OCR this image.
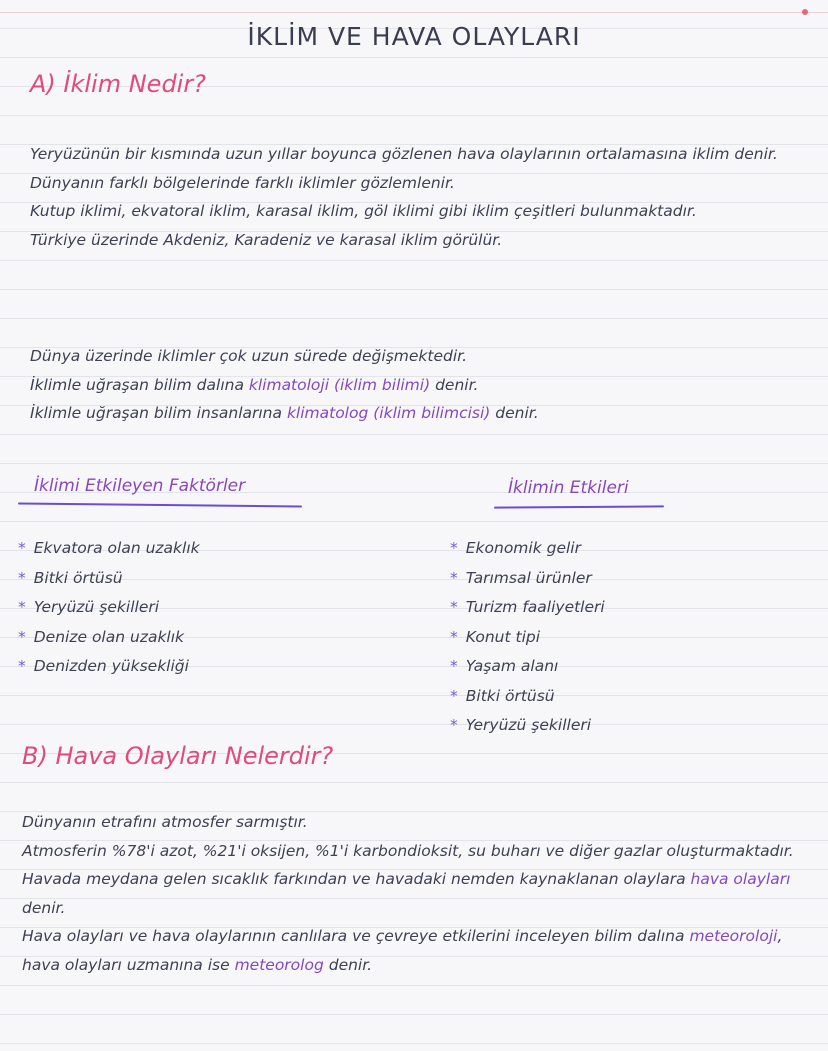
İKLİM VE HAVA OLAYLARI
A) İklim Nedir?
Yeryüzünün bir kısmında uzun yıllar boyunca gözlenen hava olaylarının ortalamasına iklim denir.
Dünyanın farklı bölgelerinde farklı iklimler gözlemlenir.
Kutup iklimi, ekvatoral iklim, karasal iklim, göl iklimi gibi iklim çeşitleri bulunmaktadır.
Türkiye üzerinde Akdeniz, Karadeniz ve karasal iklim görülür.
Dünya üzerinde iklimler çok uzun sürede değişmektedir.
İklimle uğraşan bilim dalına klimatoloji (iklim bilimi) denir.
İklimle uğraşan bilim insanlarına klimatolog (iklim bilimcisi) denir.
İklimi Etkileyen Faktörler	İklimin Etkileri
* Ekvatora olan uzaklık
* Bitki örtüsü
* Yeryüzü şekilleri
* Denize olan uzaklık
* Denizden yüksekliği
* Ekonomik gelir
* Tarımsal ürünler
* Turizm faaliyetleri
* Konut tipi
* Yaşam alanı
* Bitki örtüsü
* Yeryüzü şekilleri
B) Hava Olayları Nelerdir?
Dünyanın etrafını atmosfer sarmıştır.
Atmosferin %78'i azot, %21'i oksijen, %1'i karbondioksit, su buharı ve diğer gazlar oluşturmaktadır.
Havada meydana gelen sıcaklık farkından ve havadaki nemden kaynaklanan olaylara hava olayları denir.
Hava olayları ve hava olaylarının canlılara ve çevreye etkilerini inceleyen bilim dalına meteoroloji, hava olayları uzmanına ise meteorolog denir.
